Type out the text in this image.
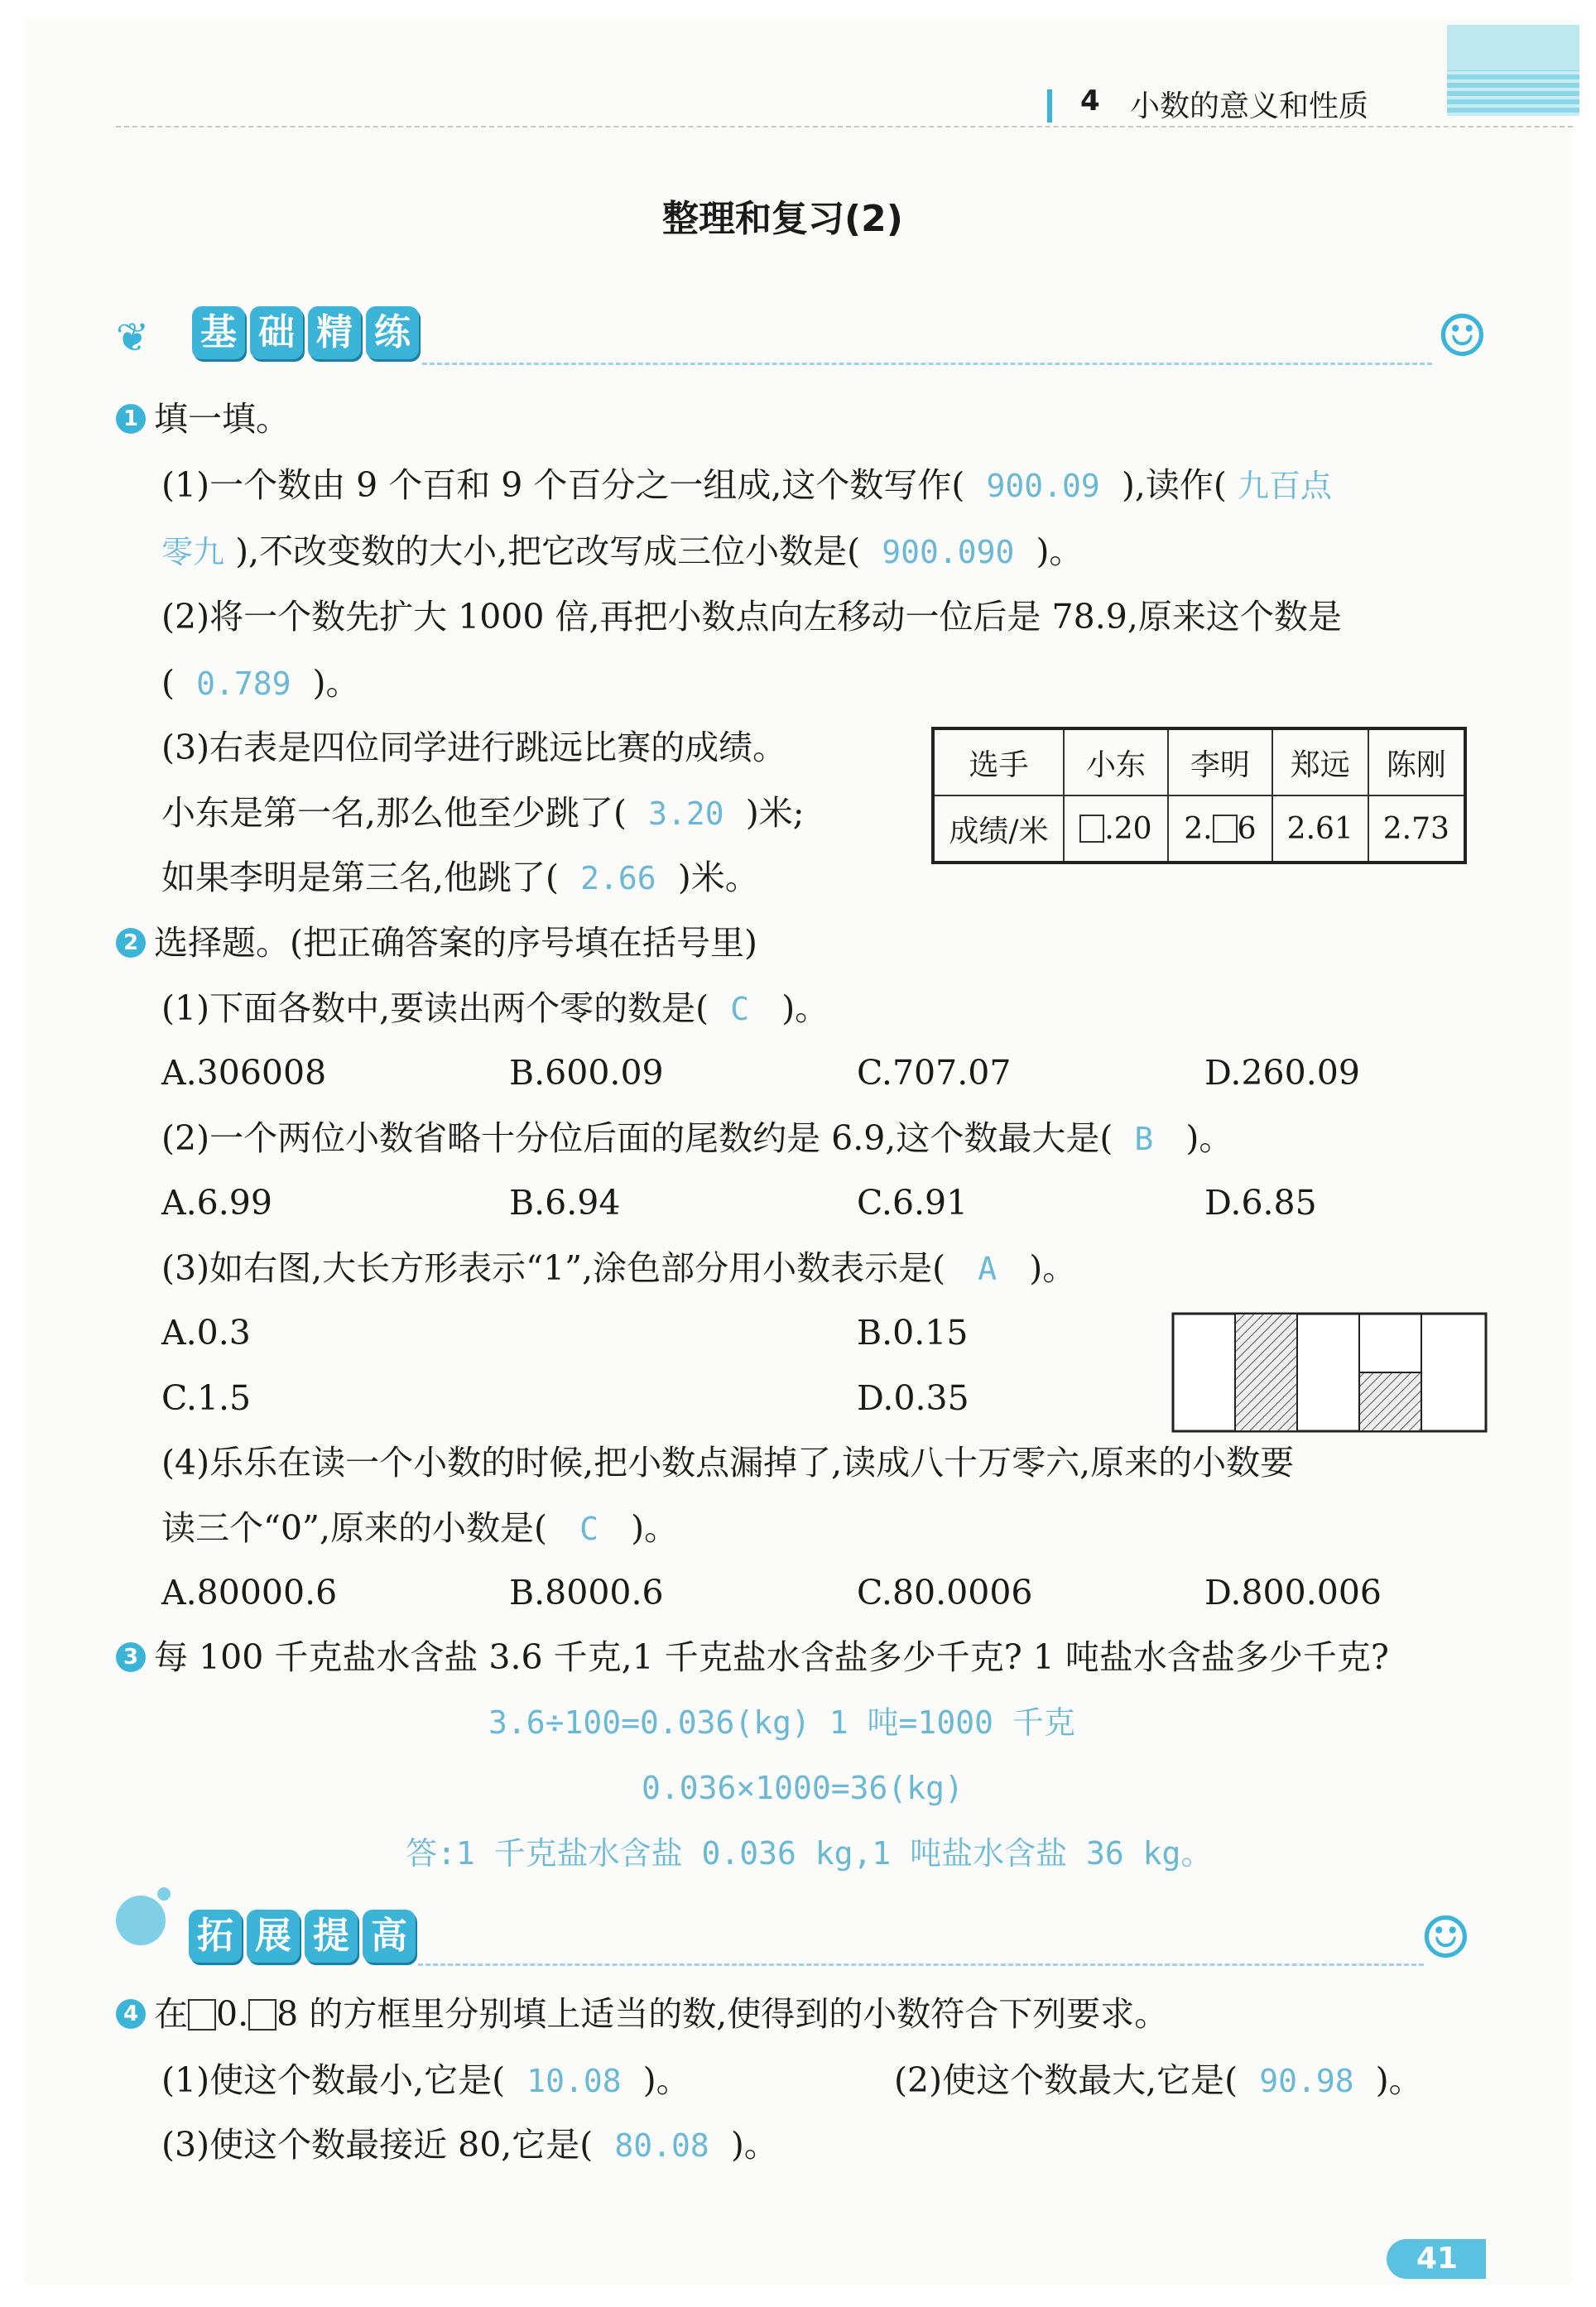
4 小数的意义和性质
整理和复习(2)
❦ 基 础 精 练	☺
1 填一填。
(1)一个数由 9 个百和 9 个百分之一组成,这个数写作( 900.09 ),读作( 九百点
零九 ),不改变数的大小,把它改写成三位小数是( 900.090 )。
(2)将一个数先扩大 1000 倍,再把小数点向左移动一位后是 78.9,原来这个数是
( 0.789 )。
(3)右表是四位同学进行跳远比赛的成绩。
小东是第一名,那么他至少跳了( 3.20 )米;
如果李明是第三名,他跳了( 2.66 )米。
选手	小东	李明	郑远	陈刚
成绩/米	.20	2. 6	2.61	2.73
2 选择题。(把正确答案的序号填在括号里)
(1)下面各数中,要读出两个零的数是( C )。
A.306008	B.600.09	C.707.07	D.260.09
(2)一个两位小数省略十分位后面的尾数约是 6.9,这个数最大是( B )。
A.6.99	B.6.94	C.6.91	D.6.85
(3)如右图,大长方形表示“1”,涂色部分用小数表示是( A )。
A.0.3	B.0.15
C.1.5	D.0.35
(4)乐乐在读一个小数的时候,把小数点漏掉了,读成八十万零六,原来的小数要
读三个“0”,原来的小数是( C )。
A.80000.6	B.8000.6	C.80.0006	D.800.006
3 每 100 千克盐水含盐 3.6 千克,1 千克盐水含盐多少千克? 1 吨盐水含盐多少千克?
3.6÷100=0.036(kg) 1 吨=1000 千克
0.036×1000=36(kg)
答:1 千克盐水含盐 0.036 kg,1 吨盐水含盐 36 kg。
拓 展 提 高	☺
4 在 0. 8 的方框里分别填上适当的数,使得到的小数符合下列要求。
(1)使这个数最小,它是( 10.08 )。	(2)使这个数最大,它是( 90.98 )。
(3)使这个数最接近 80,它是( 80.08 )。
41
